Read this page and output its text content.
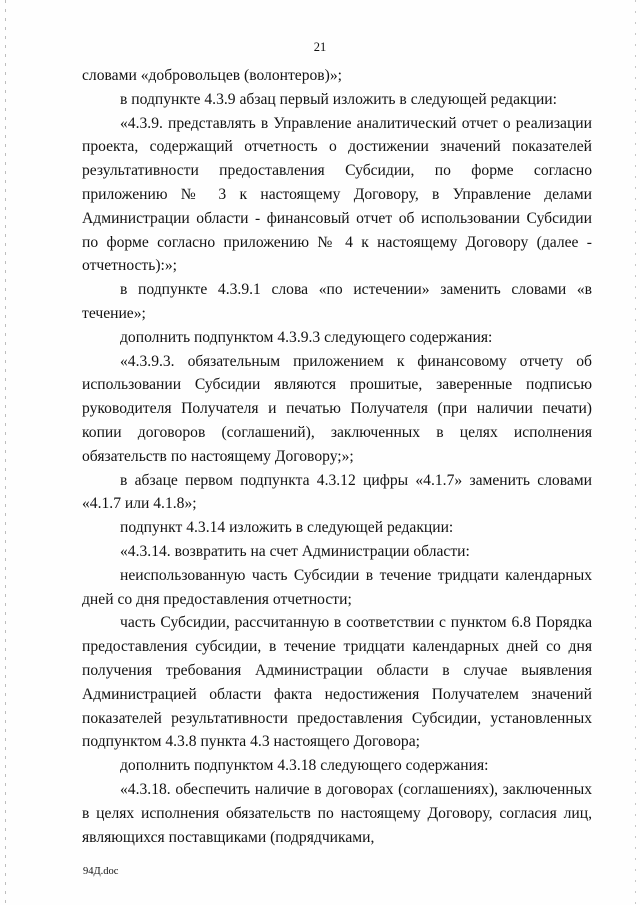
21

словами «добровольцев (волонтеров)»;

в подпункте 4.3.9 абзац первый изложить в следующей редакции:

«4.3.9. представлять в Управление аналитический отчет о реализации проекта, содержащий отчетность о достижении значений показателей результативности предоставления Субсидии, по форме согласно приложению № 3 к настоящему Договору, в Управление делами Администрации области - финансовый отчет об использовании Субсидии по форме согласно приложению № 4 к настоящему Договору (далее - отчетность):»;

в подпункте 4.3.9.1 слова «по истечении» заменить словами «в течение»;

дополнить подпунктом 4.3.9.3 следующего содержания:

«4.3.9.3. обязательным приложением к финансовому отчету об использовании Субсидии являются прошитые, заверенные подписью руководителя Получателя и печатью Получателя (при наличии печати) копии договоров (соглашений), заключенных в целях исполнения обязательств по настоящему Договору;»;

в абзаце первом подпункта 4.3.12 цифры «4.1.7» заменить словами «4.1.7 или 4.1.8»;

подпункт 4.3.14 изложить в следующей редакции:

«4.3.14. возвратить на счет Администрации области:

неиспользованную часть Субсидии в течение тридцати календарных дней со дня предоставления отчетности;

часть Субсидии, рассчитанную в соответствии с пунктом 6.8 Порядка предоставления субсидии, в течение тридцати календарных дней со дня получения требования Администрации области в случае выявления Администрацией области факта недостижения Получателем значений показателей результативности предоставления Субсидии, установленных подпунктом 4.3.8 пункта 4.3 настоящего Договора;

дополнить подпунктом 4.3.18 следующего содержания:

«4.3.18. обеспечить наличие в договорах (соглашениях), заключенных в целях исполнения обязательств по настоящему Договору, согласия лиц, являющихся поставщиками (подрядчиками,

94Д.doc
